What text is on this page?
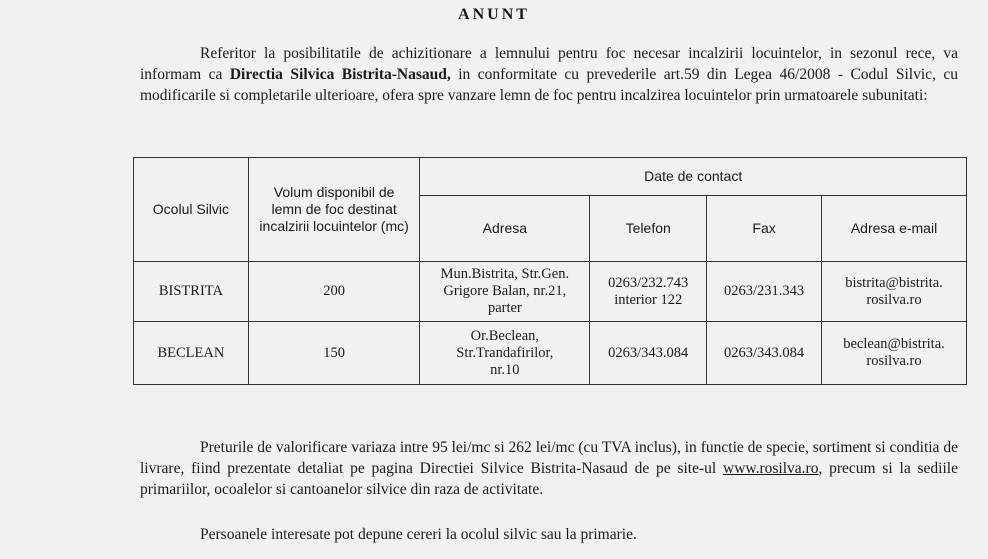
ANUNT

Referitor la posibilitatile de achizitionare a lemnului pentru foc necesar incalzirii locuintelor, in sezonul rece, va informam ca Directia Silvica Bistrita-Nasaud, in conformitate cu prevederile art.59 din Legea 46/2008 - Codul Silvic, cu modificarile si completarile ulterioare, ofera spre vanzare lemn de foc pentru incalzirea locuintelor prin urmatoarele subunitati:

Ocolul Silvic	Volum disponibil de lemn de foc destinat incalzirii locuintelor (mc)	Date de contact			
		Adresa	Telefon	Fax	Adresa e-mail
BISTRITA	200	Mun.Bistrita, Str.Gen. Grigore Balan, nr.21, parter	0263/232.743 interior 122	0263/231.343	bistrita@bistrita. rosilva.ro
BECLEAN	150	Or.Beclean, Str.Trandafirilor, nr.10	0263/343.084	0263/343.084	beclean@bistrita. rosilva.ro

Preturile de valorificare variaza intre 95 lei/mc si 262 lei/mc (cu TVA inclus), in functie de specie, sortiment si conditia de livrare, fiind prezentate detaliat pe pagina Directiei Silvice Bistrita-Nasaud de pe site-ul www.rosilva.ro, precum si la sediile primariilor, ocoalelor si cantoanelor silvice din raza de activitate.

Persoanele interesate pot depune cereri la ocolul silvic sau la primarie.
